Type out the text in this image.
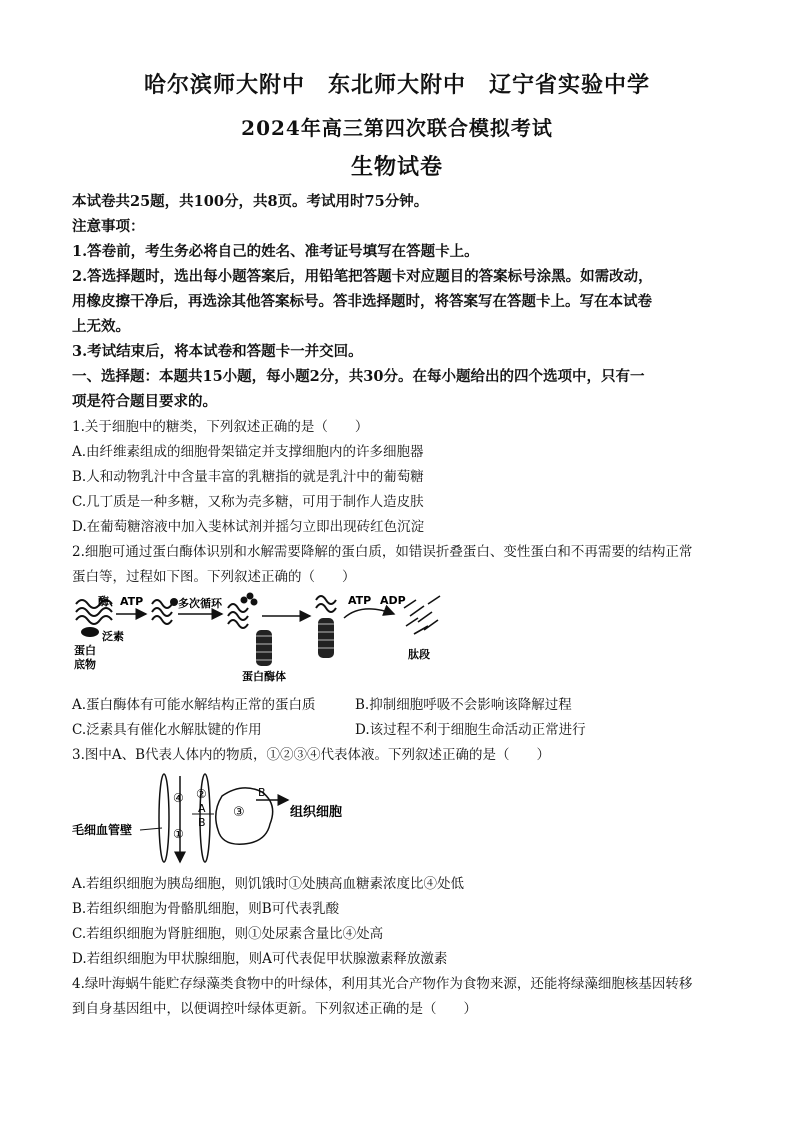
哈尔滨师大附中　东北师大附中　辽宁省实验中学
2024年高三第四次联合模拟考试
生物试卷
本试卷共25题，共100分，共8页。考试用时75分钟。
注意事项：
1.答卷前，考生务必将自己的姓名、准考证号填写在答题卡上。
2.答选择题时，选出每小题答案后，用铅笔把答题卡对应题目的答案标号涂黑。如需改动，
用橡皮擦干净后，再选涂其他答案标号。答非选择题时，将答案写在答题卡上。写在本试卷
上无效。
3.考试结束后，将本试卷和答题卡一并交回。
一、选择题：本题共15小题，每小题2分，共30分。在每小题给出的四个选项中，只有一
项是符合题目要求的。
1.关于细胞中的糖类，下列叙述正确的是（　　）
A.由纤维素组成的细胞骨架锚定并支撑细胞内的许多细胞器
B.人和动物乳汁中含量丰富的乳糖指的就是乳汁中的葡萄糖
C.几丁质是一种多糖，又称为壳多糖，可用于制作人造皮肤
D.在葡萄糖溶液中加入斐林试剂并摇匀立即出现砖红色沉淀
2.细胞可通过蛋白酶体识别和水解需要降解的蛋白质，如错误折叠蛋白、变性蛋白和不再需要的结构正常
蛋白等，过程如下图。下列叙述正确的（　　）
酶、ATP
泛素
蛋白
底物
多次循环
蛋白酶体
ATP ADP
肽段
A.蛋白酶体有可能水解结构正常的蛋白质	B.抑制细胞呼吸不会影响该降解过程
C.泛素具有催化水解肽键的作用	D.该过程不利于细胞生命活动正常进行
3.图中A、B代表人体内的物质，①②③④代表体液。下列叙述正确的是（　　）
毛细血管壁
④
①
②
A
B
③
B
组织细胞
A.若组织细胞为胰岛细胞，则饥饿时①处胰高血糖素浓度比④处低
B.若组织细胞为骨骼肌细胞，则B可代表乳酸
C.若组织细胞为肾脏细胞，则①处尿素含量比④处高
D.若组织细胞为甲状腺细胞，则A可代表促甲状腺激素释放激素
4.绿叶海蜗牛能贮存绿藻类食物中的叶绿体，利用其光合产物作为食物来源，还能将绿藻细胞核基因转移
到自身基因组中，以便调控叶绿体更新。下列叙述正确的是（　　）
